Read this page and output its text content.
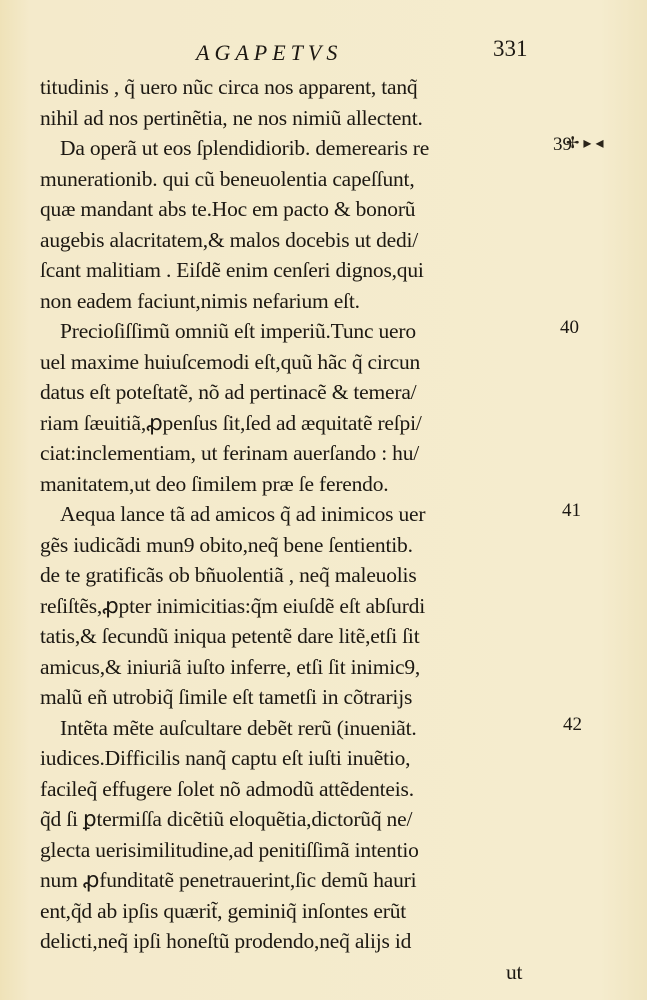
AGAPETVS	331
titudinis , q̃ uero nũc circa nos apparent, tanq̃
nihil ad nos pertinẽtia, ne nos nimiũ allectent.
Da operã ut eos ſplendidiorib. demerearis re
munerationib. qui cũ beneuolentia capeſſunt,
quæ mandant abs te.Hoc em pacto & bonorũ
augebis alacritatem,& malos docebis ut dedi/
ſcant malitiam . Eiſdẽ enim cenſeri dignos,qui
non eadem faciunt,nimis nefarium eſt.
Precioſiſſimũ omniũ eſt imperiũ.Tunc uero
uel maxime huiuſcemodi eſt,quũ hãc q̃ circun
datus eſt poteſtatẽ, nõ ad pertinacẽ & temera/
riam ſæuitiã,ꝓpenſus ſit,ſed ad æquitatẽ reſpi/
ciat:inclementiam, ut ferinam auerſando : hu/
manitatem,ut deo ſimilem præ ſe ferendo.
Aequa lance tã ad amicos q̃ ad inimicos uer
gẽs iudicãdi mun9 obito,neq̃ bene ſentientib.
de te gratificãs ob bñuolentiã , neq̃ maleuolis
reſiſtẽs,ꝓpter inimicitias:q̃m eiuſdẽ eſt abſurdi
tatis,& ſecundũ iniqua petentẽ dare litẽ,etſi ſit
amicus,& iniuriã iuſto inferre, etſi ſit inimic9,
malũ eñ utrobiq̃ ſimile eſt tametſi in cõtrarijs
Intẽta mẽte auſcultare debẽt rerũ (inueniãt.
iudices.Difficilis nanq̃ captu eſt iuſti inuẽtio,
facileq̃ effugere ſolet nõ admodũ attẽdenteis.
q̃d ſi ꝑtermiſſa dicẽtiũ eloquẽtia,dictorũq̃ ne/
glecta uerisimilitudine,ad penitiſſimã intentio
num ꝓfunditatẽ penetrauerint,ſic demũ hauri
ent,q̃d ab ipſis quærit̃, geminiq̃ inſontes erũt
delicti,neq̃ ipſi honeſtũ prodendo,neq̃ alijs id
ut
39
40
41
42
✢ ▸ ◂
